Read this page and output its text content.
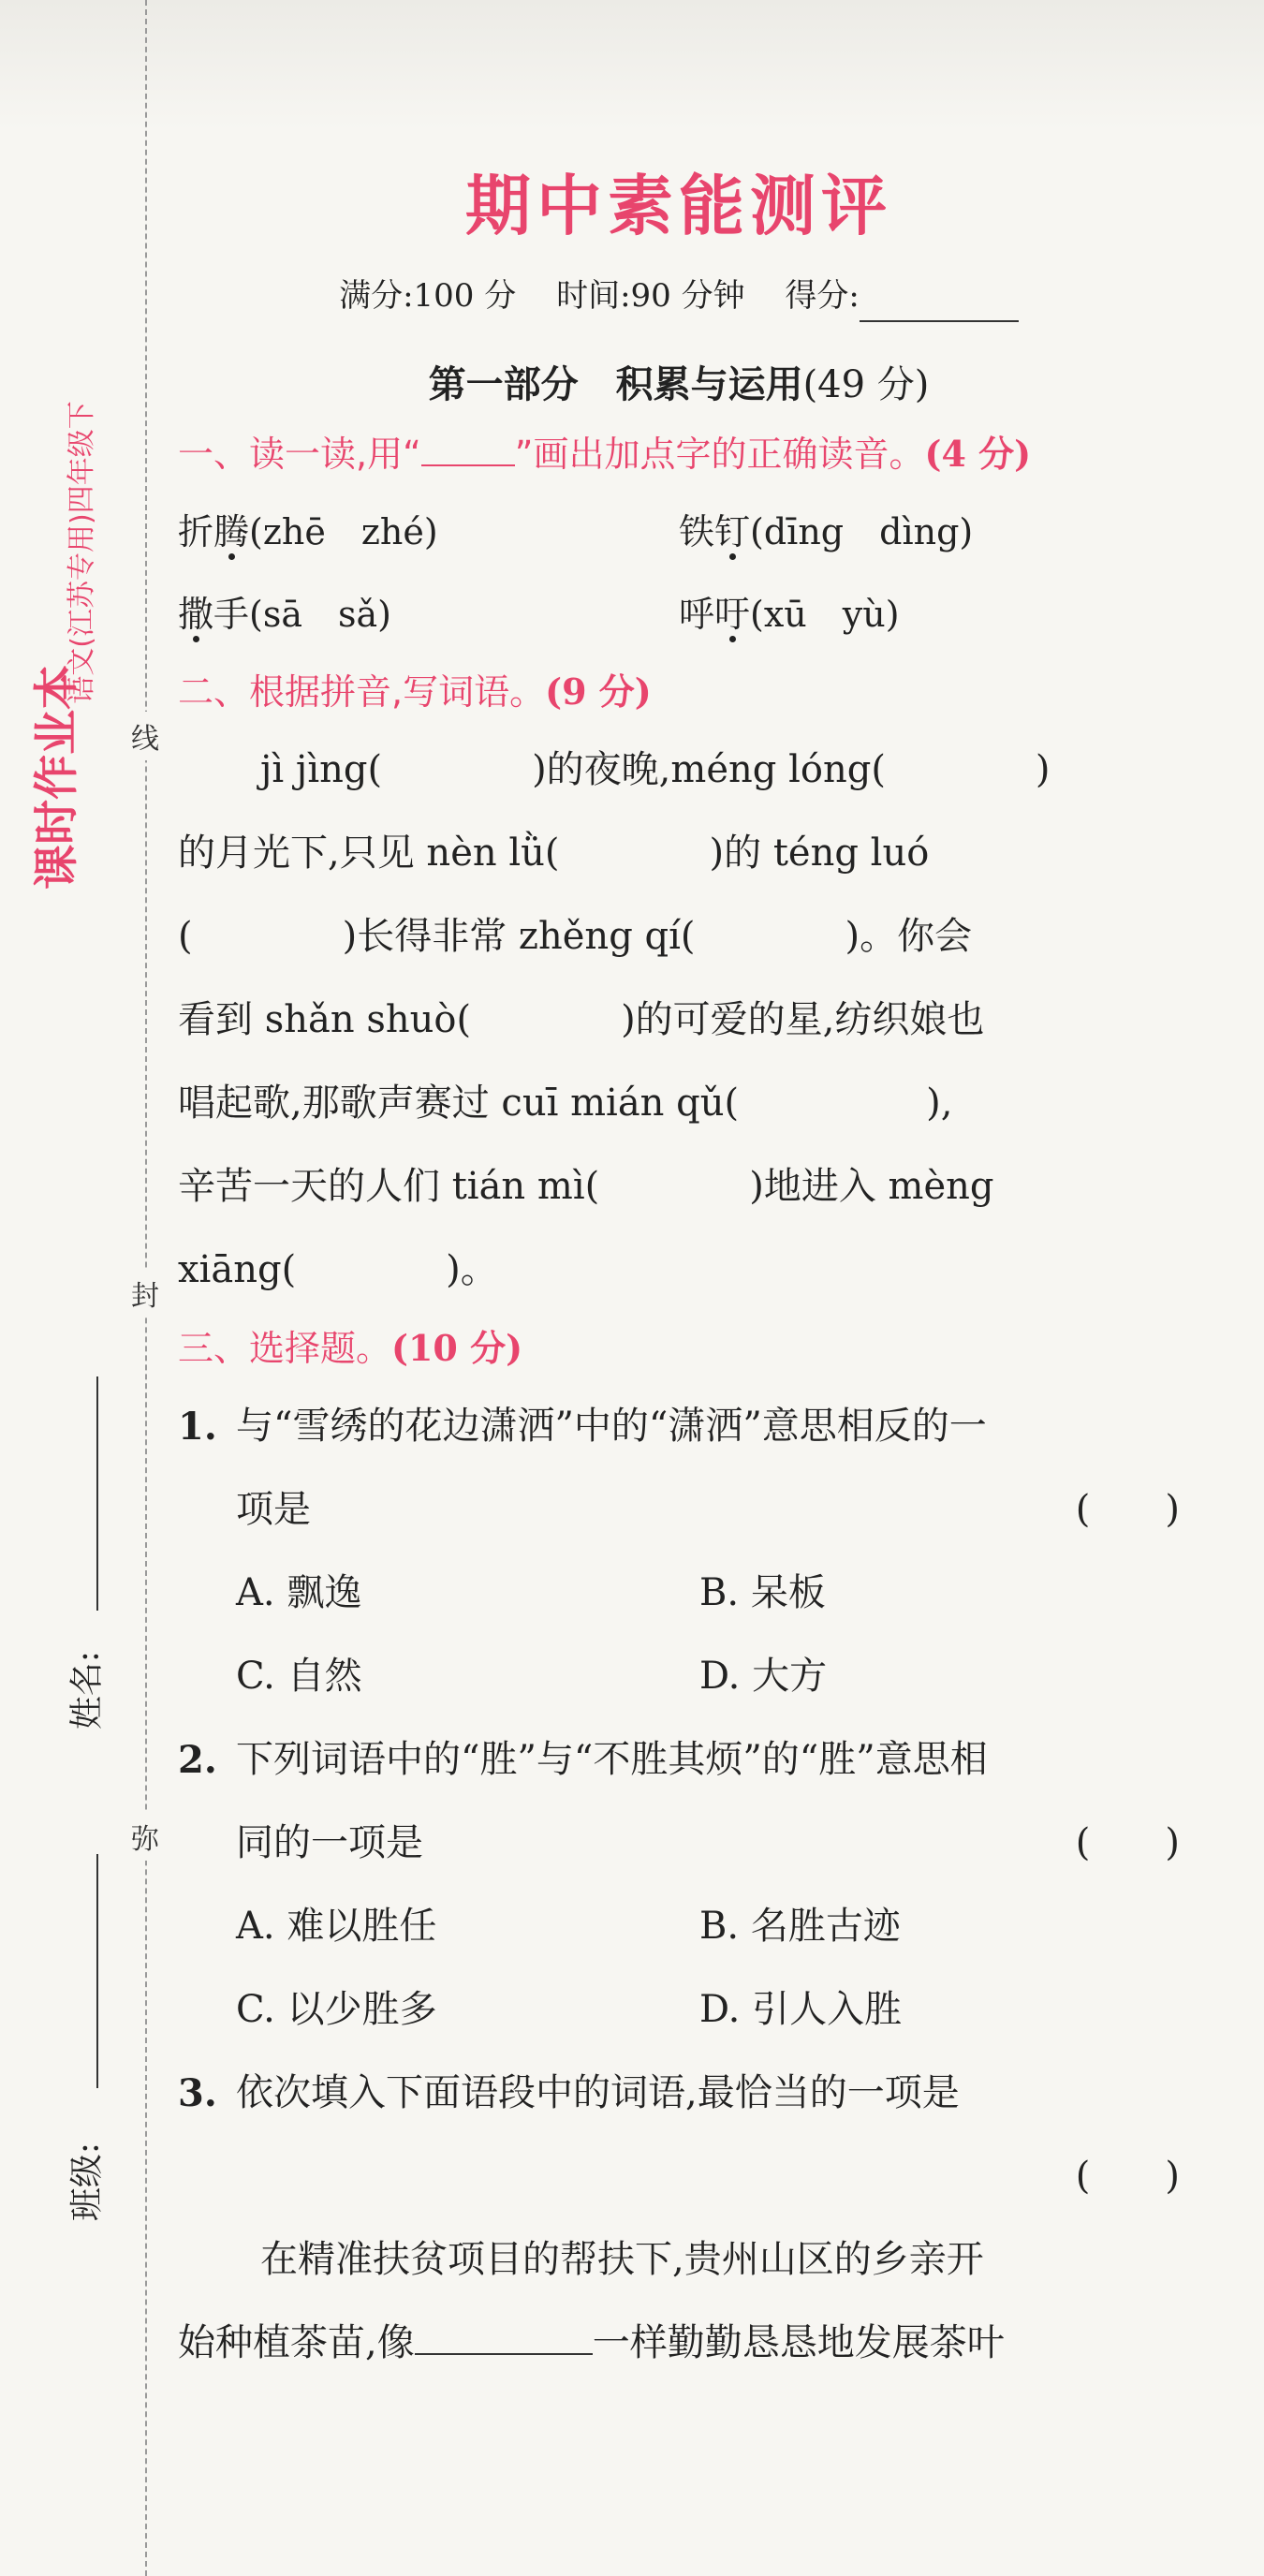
线
封
弥
课时作业本
语文(江苏专用)四年级下
姓名:
班级:
期中素能测评
满分:100 分 时间:90 分钟 得分:
第一部分　积累与运用(49 分)
一、读一读,用“	”画出加点字的正确读音。(4 分)
折腾(zhē　zhé)	铁钉(dīng　dìng)
撒手(sā　sǎ)	呼吁(xū　yù)
二、根据拼音,写词语。(9 分)
jì jìng(　　　　)的夜晚,méng lóng(　　　　)
的月光下,只见 nèn lǜ(　　　　)的 téng luó
(　　　　)长得非常 zhěng qí(　　　　)。你会
看到 shǎn shuò(　　　　)的可爱的星,纺织娘也
唱起歌,那歌声赛过 cuī mián qǔ(　　　　　),
辛苦一天的人们 tián mì(　　　　)地进入 mèng
xiāng(　　　　)。
三、选择题。(10 分)
1. 与“雪绣的花边潇洒”中的“潇洒”意思相反的一
项是	(　　)
A. 飘逸	B. 呆板
C. 自然	D. 大方
2. 下列词语中的“胜”与“不胜其烦”的“胜”意思相
同的一项是	(　　)
A. 难以胜任	B. 名胜古迹
C. 以少胜多	D. 引人入胜
3. 依次填入下面语段中的词语,最恰当的一项是
(　　)
在精准扶贫项目的帮扶下,贵州山区的乡亲开
始种植茶苗,像	一样勤勤恳恳地发展茶叶
